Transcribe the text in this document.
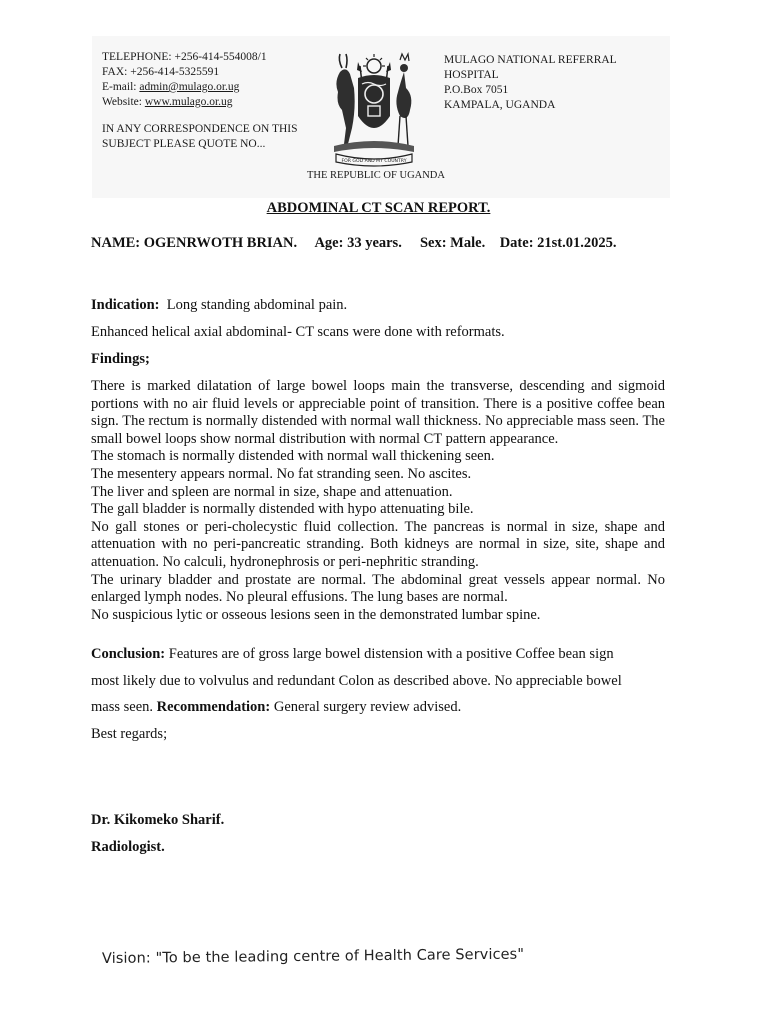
TELEPHONE: +256-414-554008/1
FAX: +256-414-5325591
E-mail: admin@mulago.or.ug
Website: www.mulago.or.ug
IN ANY CORRESPONDENCE ON THIS
SUBJECT PLEASE QUOTE NO...
FOR GOD AND MY COUNTRY
MULAGO NATIONAL REFERRAL HOSPITAL
P.O.Box 7051
KAMPALA, UGANDA
THE REPUBLIC OF UGANDA
ABDOMINAL CT SCAN REPORT.
NAME: OGENRWOTH BRIAN. Age: 33 years. Sex: Male. Date: 21st.01.2025.
Indication: Long standing abdominal pain.
Enhanced helical axial abdominal- CT scans were done with reformats.
Findings;
There is marked dilatation of large bowel loops main the transverse, descending and sigmoid portions with no air fluid levels or appreciable point of transition. There is a positive coffee bean sign. The rectum is normally distended with normal wall thickness. No appreciable mass seen. The small bowel loops show normal distribution with normal CT pattern appearance.
The stomach is normally distended with normal wall thickening seen.
The mesentery appears normal. No fat stranding seen. No ascites.
The liver and spleen are normal in size, shape and attenuation.
The gall bladder is normally distended with hypo attenuating bile.
No gall stones or peri-cholecystic fluid collection. The pancreas is normal in size, shape and attenuation with no peri-pancreatic stranding. Both kidneys are normal in size, site, shape and attenuation. No calculi, hydronephrosis or peri-nephritic stranding.
The urinary bladder and prostate are normal. The abdominal great vessels appear normal. No enlarged lymph nodes. No pleural effusions. The lung bases are normal.
No suspicious lytic or osseous lesions seen in the demonstrated lumbar spine.
Conclusion: Features are of gross large bowel distension with a positive Coffee bean sign
most likely due to volvulus and redundant Colon as described above. No appreciable bowel
mass seen. Recommendation: General surgery review advised.
Best regards;
Dr. Kikomeko Sharif.
Radiologist.
Vision: "To be the leading centre of Health Care Services"
